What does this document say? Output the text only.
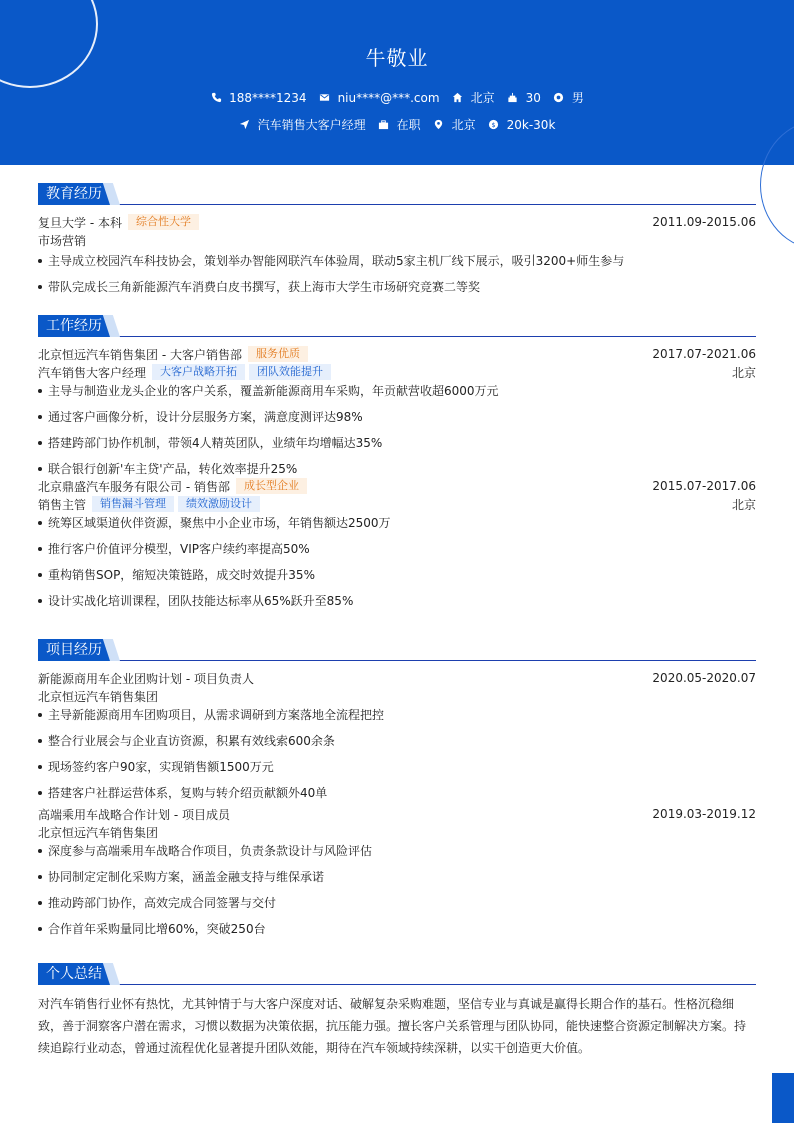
牛敬业
188****1234	niu****@***.com	北京	30	男
汽车销售大客户经理	在职	北京 $ 20k-30k
教育经历
复旦大学 - 本科	综合性大学	2011.09-2015.06
市场营销
主导成立校园汽车科技协会，策划举办智能网联汽车体验周，联动5家主机厂线下展示，吸引3200+师生参与
带队完成长三角新能源汽车消费白皮书撰写，获上海市大学生市场研究竞赛二等奖
工作经历
北京恒远汽车销售集团 - 大客户销售部	服务优质	2017.07-2021.06
汽车销售大客户经理	大客户战略开拓	团队效能提升	北京
主导与制造业龙头企业的客户关系，覆盖新能源商用车采购，年贡献营收超6000万元
通过客户画像分析，设计分层服务方案，满意度测评达98%
搭建跨部门协作机制，带领4人精英团队，业绩年均增幅达35%
联合银行创新'车主贷'产品，转化效率提升25%
北京鼎盛汽车服务有限公司 - 销售部	成长型企业	2015.07-2017.06
销售主管	销售漏斗管理	绩效激励设计	北京
统筹区域渠道伙伴资源，聚焦中小企业市场，年销售额达2500万
推行客户价值评分模型，VIP客户续约率提高50%
重构销售SOP，缩短决策链路，成交时效提升35%
设计实战化培训课程，团队技能达标率从65%跃升至85%
项目经历
新能源商用车企业团购计划 - 项目负责人	2020.05-2020.07
北京恒远汽车销售集团
主导新能源商用车团购项目，从需求调研到方案落地全流程把控
整合行业展会与企业直访资源，积累有效线索600余条
现场签约客户90家，实现销售额1500万元
搭建客户社群运营体系，复购与转介绍贡献额外40单
高端乘用车战略合作计划 - 项目成员	2019.03-2019.12
北京恒远汽车销售集团
深度参与高端乘用车战略合作项目，负责条款设计与风险评估
协同制定定制化采购方案，涵盖金融支持与维保承诺
推动跨部门协作，高效完成合同签署与交付
合作首年采购量同比增60%，突破250台
个人总结
对汽车销售行业怀有热忱，尤其钟情于与大客户深度对话、破解复杂采购难题，坚信专业与真诚是赢得长期合作的基石。性格沉稳细致，善于洞察客户潜在需求，习惯以数据为决策依据，抗压能力强。擅长客户关系管理与团队协同，能快速整合资源定制解决方案。持续追踪行业动态，曾通过流程优化显著提升团队效能，期待在汽车领域持续深耕，以实干创造更大价值。
